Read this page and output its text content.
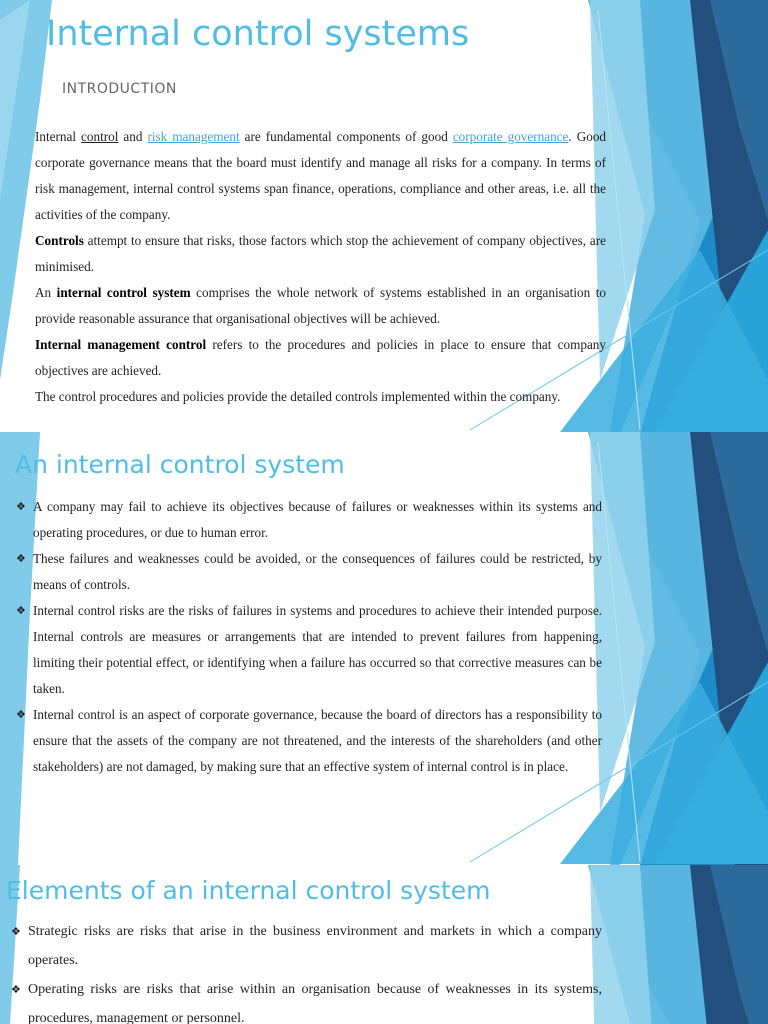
Internal control systems
INTRODUCTION

Internal control and risk management are fundamental components of good corporate governance. Good corporate governance means that the board must identify and manage all risks for a company. In terms of risk management, internal control systems span finance, operations, compliance and other areas, i.e. all the activities of the company.

Controls attempt to ensure that risks, those factors which stop the achievement of company objectives, are minimised.

An internal control system comprises the whole network of systems established in an organisation to provide reasonable assurance that organisational objectives will be achieved.

Internal management control refers to the procedures and policies in place to ensure that company objectives are achieved.

The control procedures and policies provide the detailed controls implemented within the company.

An internal control system
❖ A company may fail to achieve its objectives because of failures or weaknesses within its systems and operating procedures, or due to human error.
❖ These failures and weaknesses could be avoided, or the consequences of failures could be restricted, by means of controls.
❖ Internal control risks are the risks of failures in systems and procedures to achieve their intended purpose. Internal controls are measures or arrangements that are intended to prevent failures from happening, limiting their potential effect, or identifying when a failure has occurred so that corrective measures can be taken.
❖ Internal control is an aspect of corporate governance, because the board of directors has a responsibility to ensure that the assets of the company are not threatened, and the interests of the shareholders (and other stakeholders) are not damaged, by making sure that an effective system of internal control is in place.
Elements of an internal control system
❖ Strategic risks are risks that arise in the business environment and markets in which a company operates.
❖ Operating risks are risks that arise within an organisation because of weaknesses in its systems, procedures, management or personnel.
